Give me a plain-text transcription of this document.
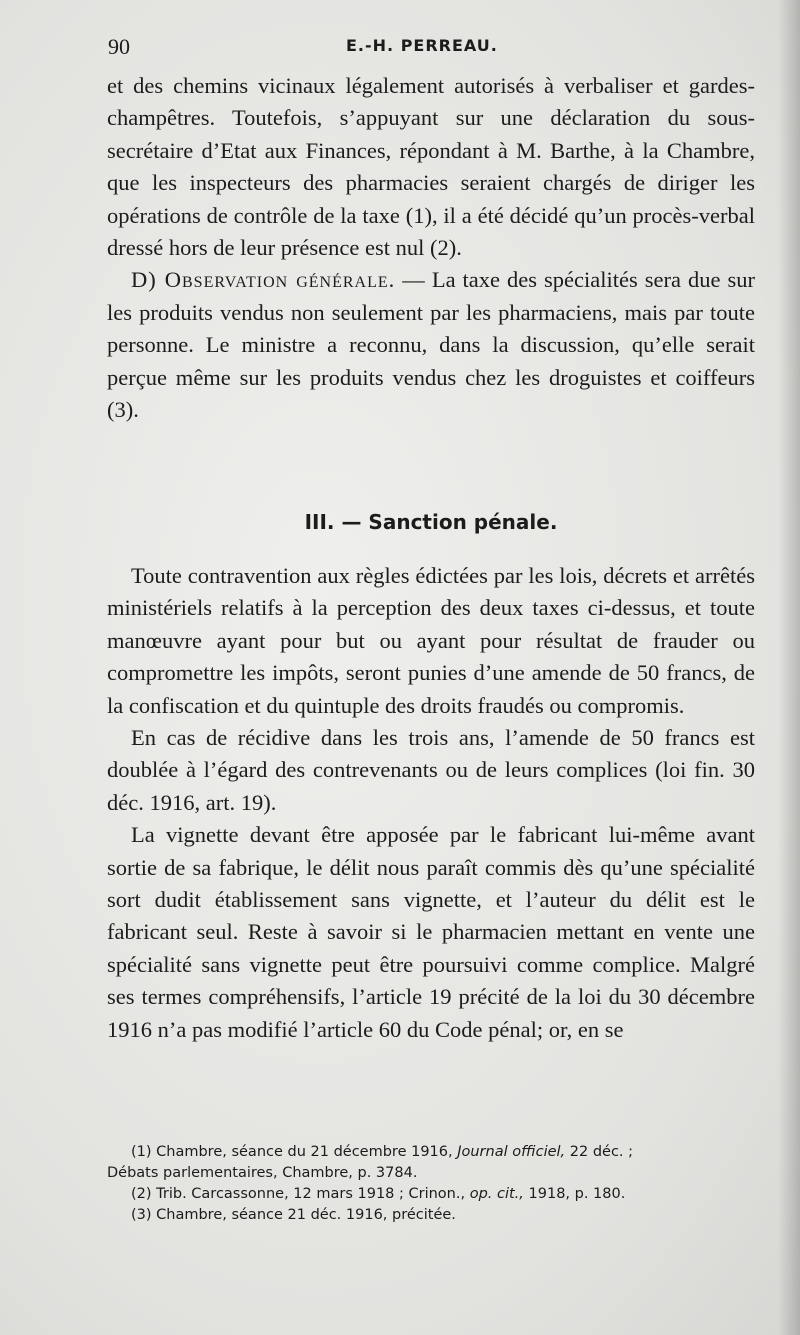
90	E.-H. PERREAU.

et des chemins vicinaux légalement autorisés à verbaliser et gardes-champêtres. Toutefois, s’appuyant sur une déclaration du sous-secrétaire d’Etat aux Finances, répondant à M. Barthe, à la Chambre, que les inspecteurs des pharmacies seraient chargés de diriger les opérations de contrôle de la taxe (1), il a été décidé qu’un procès-verbal dressé hors de leur présence est nul (2).

D) Observation générale. — La taxe des spécialités sera due sur les produits vendus non seulement par les pharmaciens, mais par toute personne. Le ministre a reconnu, dans la discussion, qu’elle serait perçue même sur les produits vendus chez les droguistes et coiffeurs (3).

III. — Sanction pénale.

Toute contravention aux règles édictées par les lois, décrets et arrêtés ministériels relatifs à la perception des deux taxes ci-dessus, et toute manœuvre ayant pour but ou ayant pour résultat de frauder ou compromettre les impôts, seront punies d’une amende de 50 francs, de la confiscation et du quintuple des droits fraudés ou compromis.

En cas de récidive dans les trois ans, l’amende de 50 francs est doublée à l’égard des contrevenants ou de leurs complices (loi fin. 30 déc. 1916, art. 19).

La vignette devant être apposée par le fabricant lui-même avant sortie de sa fabrique, le délit nous paraît commis dès qu’une spécialité sort dudit établissement sans vignette, et l’auteur du délit est le fabricant seul. Reste à savoir si le pharmacien mettant en vente une spécialité sans vignette peut être poursuivi comme complice. Malgré ses termes compréhensifs, l’article 19 précité de la loi du 30 décembre 1916 n’a pas modifié l’article 60 du Code pénal; or, en se

(1) Chambre, séance du 21 décembre 1916, Journal officiel, 22 déc. ;

Débats parlementaires, Chambre, p. 3784.

(2) Trib. Carcassonne, 12 mars 1918 ; Crinon., op. cit., 1918, p. 180.

(3) Chambre, séance 21 déc. 1916, précitée.
